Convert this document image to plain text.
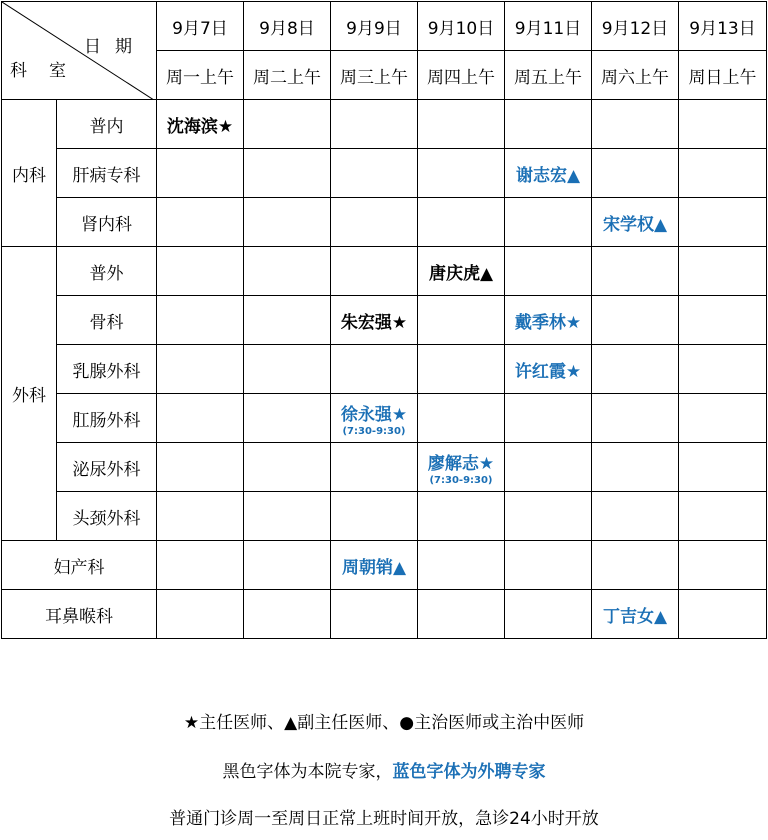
日期
科室		9月7日	9月8日	9月9日	9月10日	9月11日	9月12日	9月13日
		周一上午	周二上午	周三上午	周四上午	周五上午	周六上午	周日上午
内科	普内	沈海滨★						
	肝病专科					谢志宏▲		
	肾内科						宋学权▲	
外科	普外				唐庆虎▲			
	骨科			朱宏强★		戴季林★		
	乳腺外科					许红霞★		
	肛肠外科			徐永强★
(7:30-9:30)				

	泌尿外科				廖解志★
(7:30-9:30)			

	头颈外科							
妇产科				周朝销▲				
耳鼻喉科							丁吉女▲	
★主任医师、▲副主任医师、●主治医师或主治中医师
黑色字体为本院专家，蓝色字体为外聘专家
普通门诊周一至周日正常上班时间开放，急诊24小时开放
